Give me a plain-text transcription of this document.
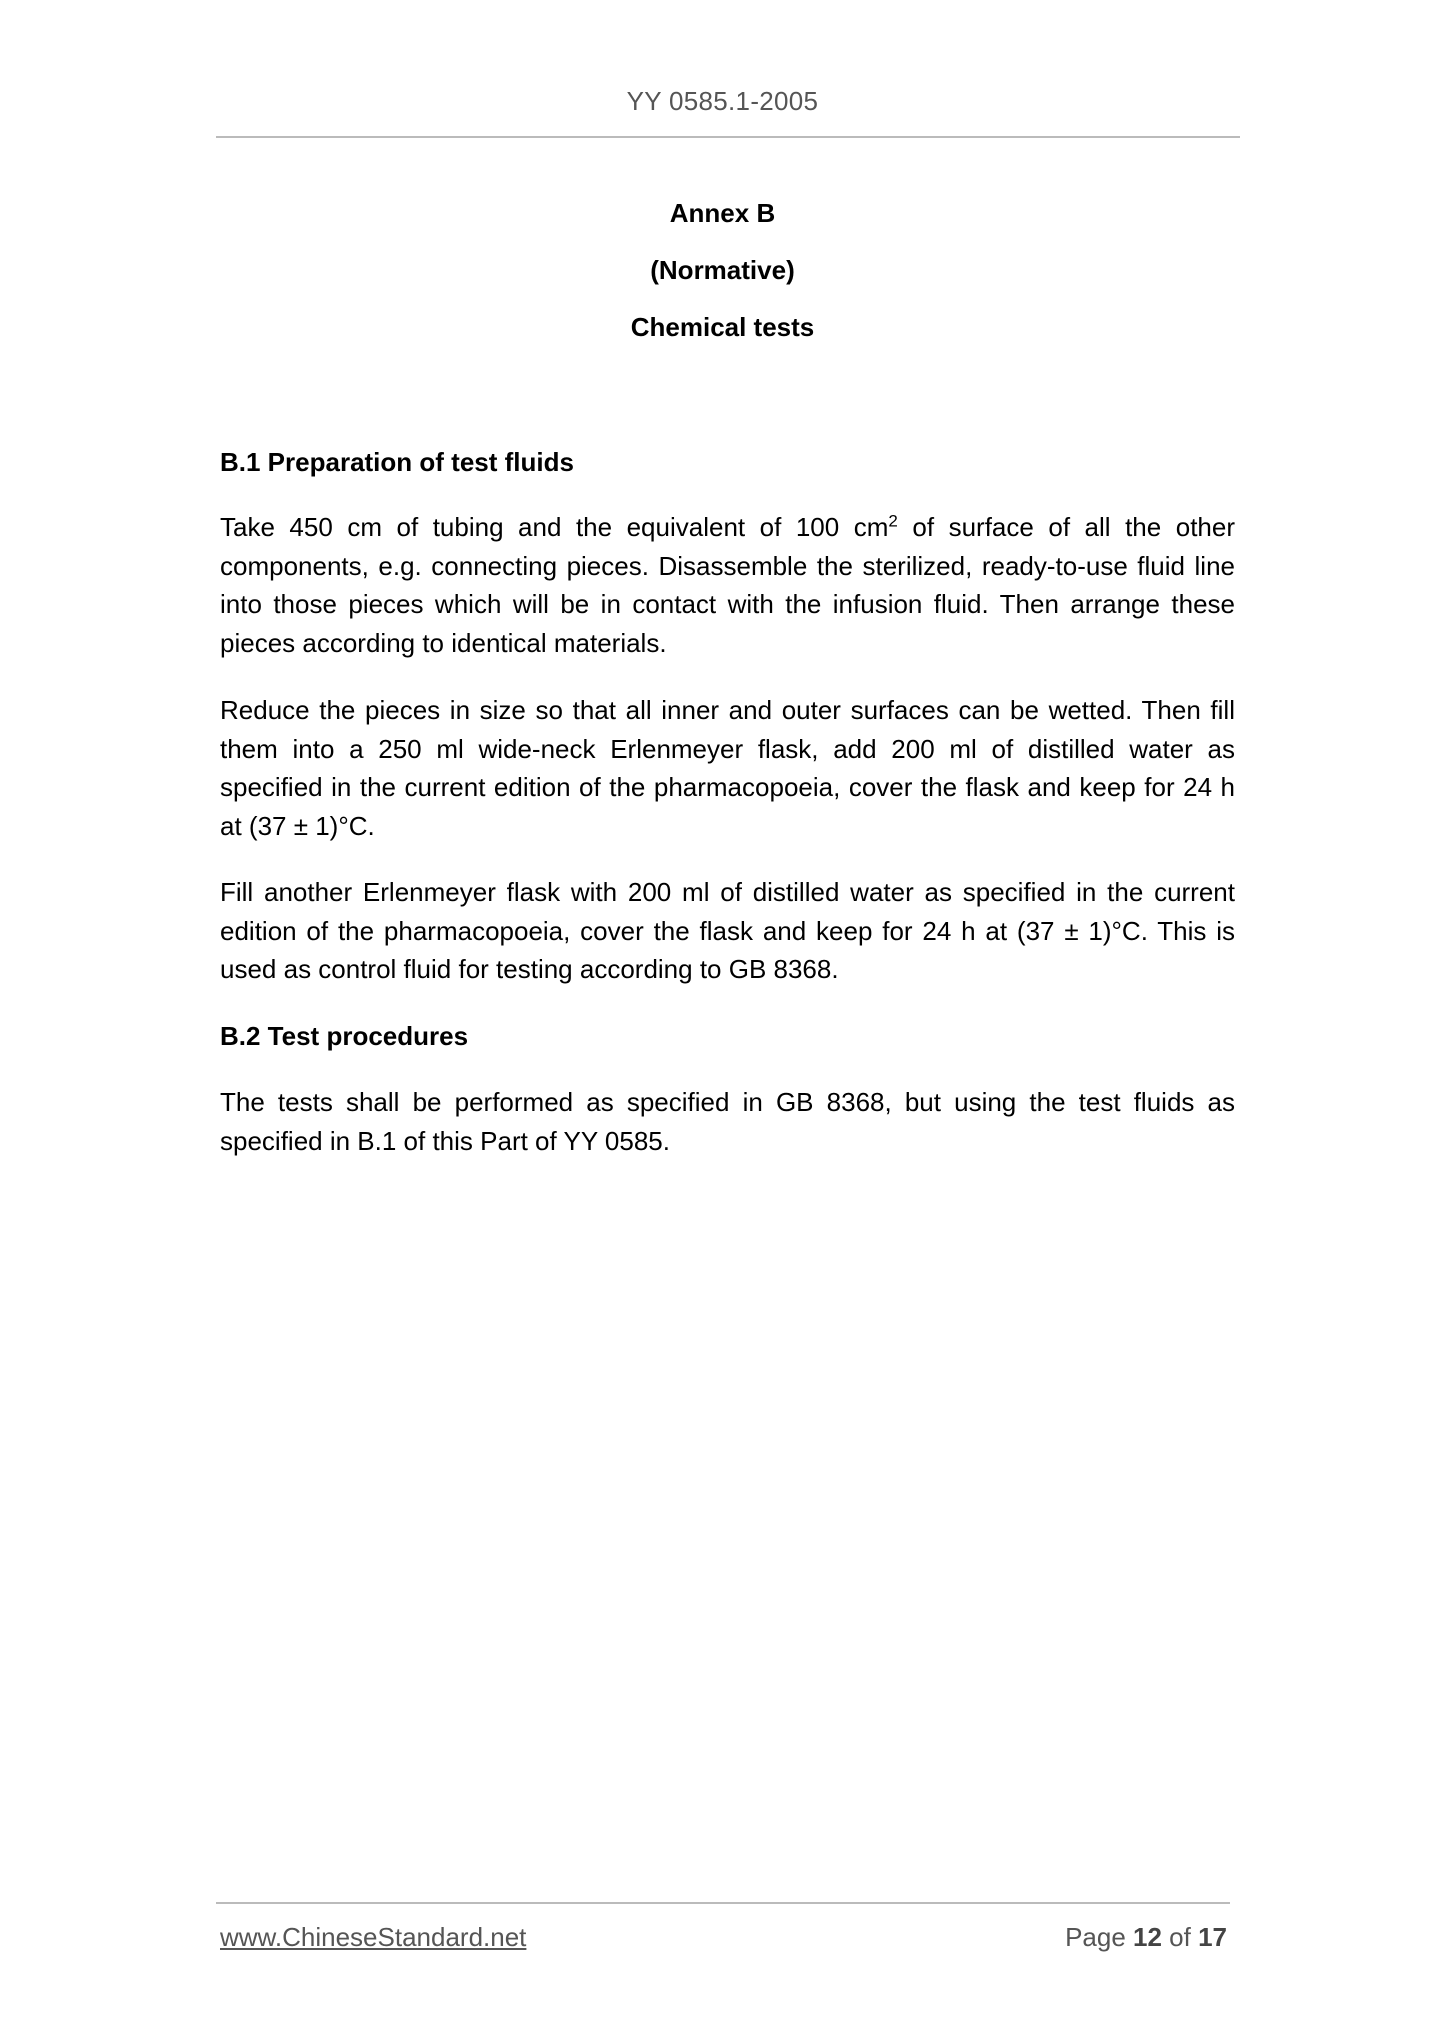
YY 0585.1-2005
Annex B
(Normative)
Chemical tests
B.1 Preparation of test fluids
Take 450 cm of tubing and the equivalent of 100 $cm^2$ of surface of all the other components, e.g. connecting pieces. Disassemble the sterilized, ready-to-use fluid line into those pieces which will be in contact with the infusion fluid. Then arrange these pieces according to identical materials.
Reduce the pieces in size so that all inner and outer surfaces can be wetted. Then fill them into a 250 ml wide-neck Erlenmeyer flask, add 200 ml of distilled water as specified in the current edition of the pharmacopoeia, cover the flask and keep for 24 h at (37 ± 1)°C.
Fill another Erlenmeyer flask with 200 ml of distilled water as specified in the current edition of the pharmacopoeia, cover the flask and keep for 24 h at (37 ± 1)°C. This is used as control fluid for testing according to GB 8368.
B.2 Test procedures
The tests shall be performed as specified in GB 8368, but using the test fluids as specified in B.1 of this Part of YY 0585.
www.ChineseStandard.net	Page 12 of 17
